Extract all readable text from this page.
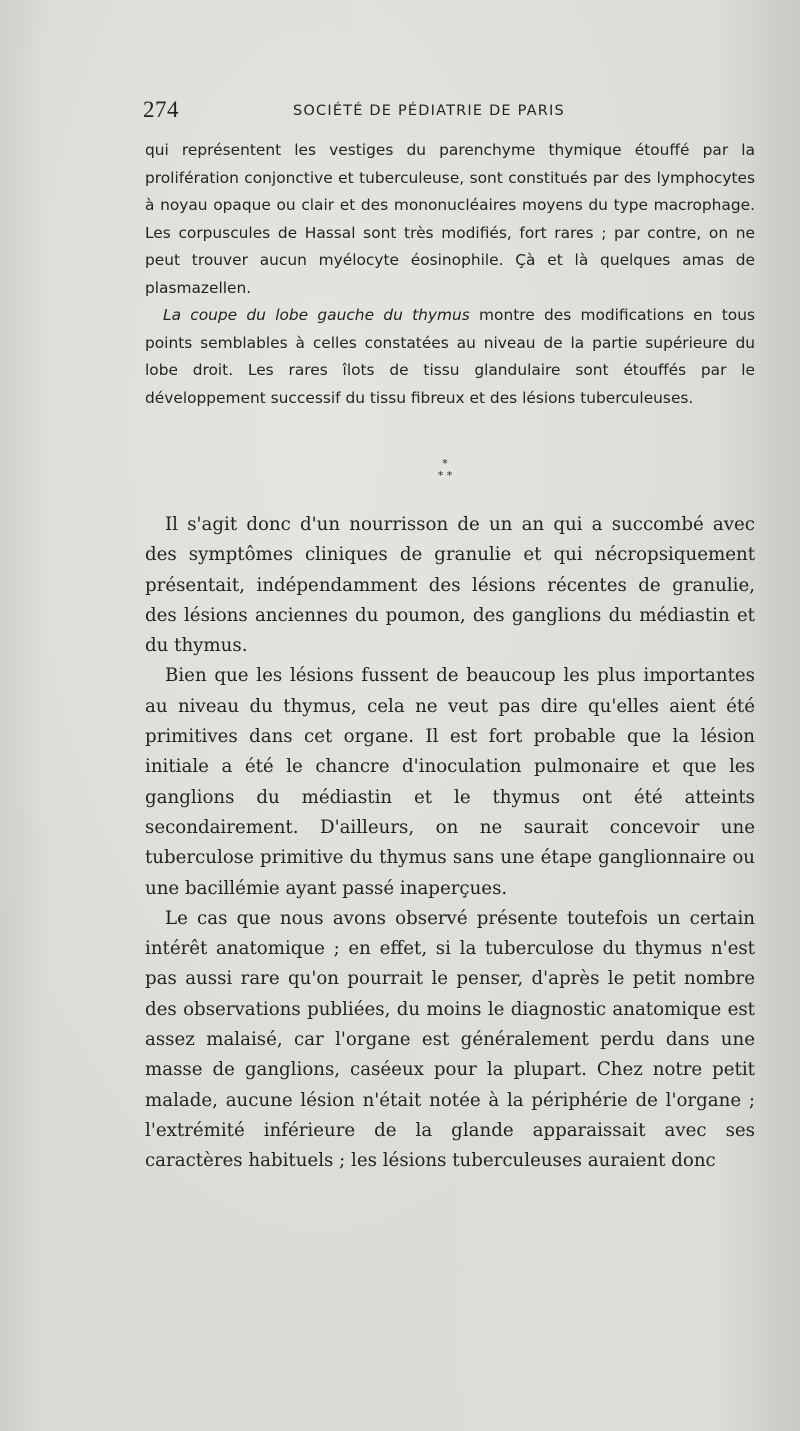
274	SOCIÉTÉ DE PÉDIATRIE DE PARIS

qui représentent les vestiges du parenchyme thymique étouffé par la prolifération conjonctive et tuberculeuse, sont constitués par des lymphocytes à noyau opaque ou clair et des mononucléaires moyens du type macrophage. Les corpuscules de Hassal sont très modifiés, fort rares ; par contre, on ne peut trouver aucun myélocyte éosinophile. Çà et là quelques amas de plasmazellen.

La coupe du lobe gauche du thymus montre des modifications en tous points semblables à celles constatées au niveau de la partie supérieure du lobe droit. Les rares îlots de tissu glandulaire sont étouffés par le développement successif du tissu fibreux et des lésions tuberculeuses.

*
* *

Il s'agit donc d'un nourrisson de un an qui a succombé avec des symptômes cliniques de granulie et qui nécropsiquement présentait, indépendamment des lésions récentes de granulie, des lésions anciennes du poumon, des ganglions du médiastin et du thymus.

Bien que les lésions fussent de beaucoup les plus importantes au niveau du thymus, cela ne veut pas dire qu'elles aient été primitives dans cet organe. Il est fort probable que la lésion initiale a été le chancre d'inoculation pulmonaire et que les ganglions du médiastin et le thymus ont été atteints secondairement. D'ailleurs, on ne saurait concevoir une tuberculose primitive du thymus sans une étape ganglionnaire ou une bacillémie ayant passé inaperçues.

Le cas que nous avons observé présente toutefois un certain intérêt anatomique ; en effet, si la tuberculose du thymus n'est pas aussi rare qu'on pourrait le penser, d'après le petit nombre des observations publiées, du moins le diagnostic anatomique est assez malaisé, car l'organe est généralement perdu dans une masse de ganglions, caséeux pour la plupart. Chez notre petit malade, aucune lésion n'était notée à la périphérie de l'organe ; l'extrémité inférieure de la glande apparaissait avec ses caractères habituels ; les lésions tuberculeuses auraient donc
